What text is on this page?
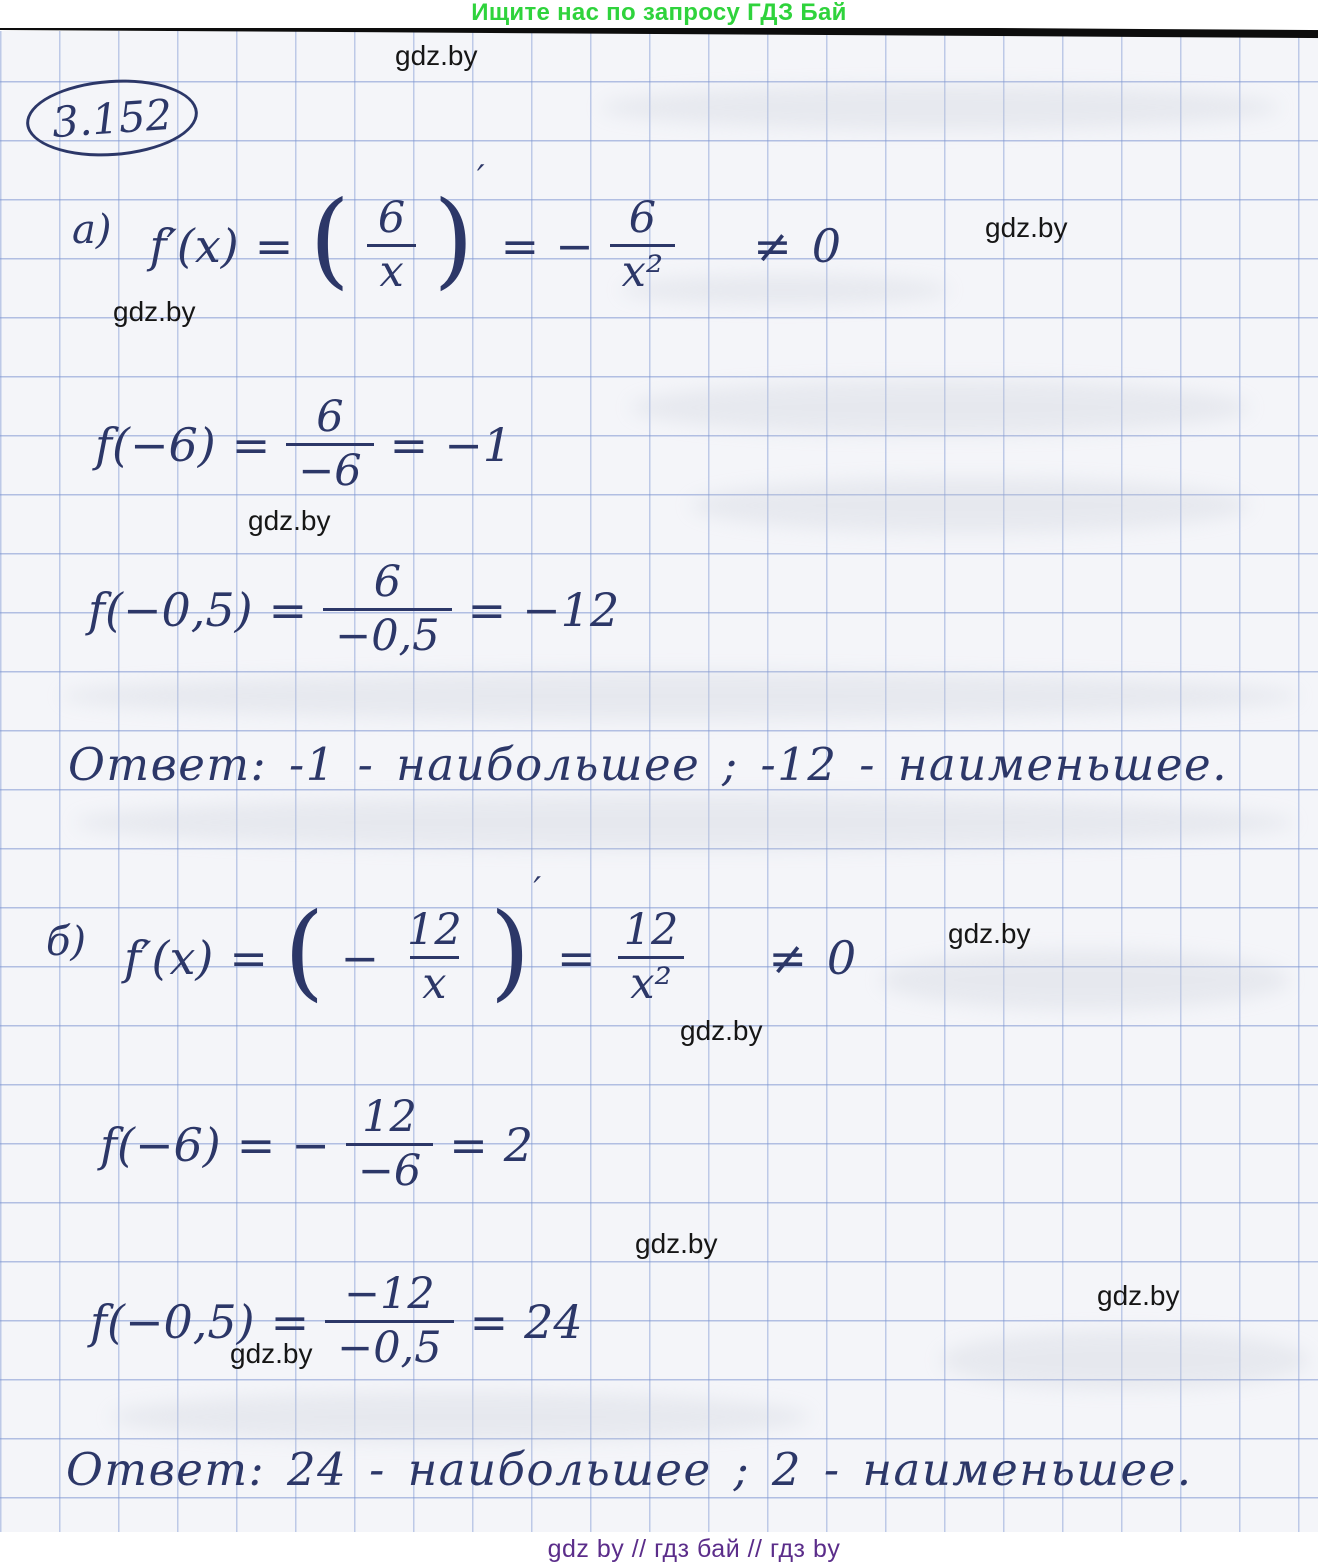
Ищите нас по запросу ГДЗ Бай
gdz.by
gdz.by
gdz.by
gdz.by
gdz.by
gdz.by
gdz.by
gdz.by
gdz.by
3.152
а) f′(x) = ( $\frac{6}{x}$ ) ′
= − $\frac{6}{\text{x²}} \ne 0$
$f(-6) = \frac{6}{-6} = -1$
$f(-0,5) = \frac{6}{-0,5} = -12$
Ответ: -1 - наибольшее ; -12 - наименьшее.
б) f′(x) = ( − $\frac{12}{x}$ ) ′
= $\frac{12}{\text{x²}} \ne 0$
f(−6) = − $\frac{12}{-6} = 2$
$f(-0,5) = \frac{-12}{-0,5} = 24$
Ответ: 24 - наибольшее ; 2 - наименьшее.
gdz by // гдз бай // гдз by
